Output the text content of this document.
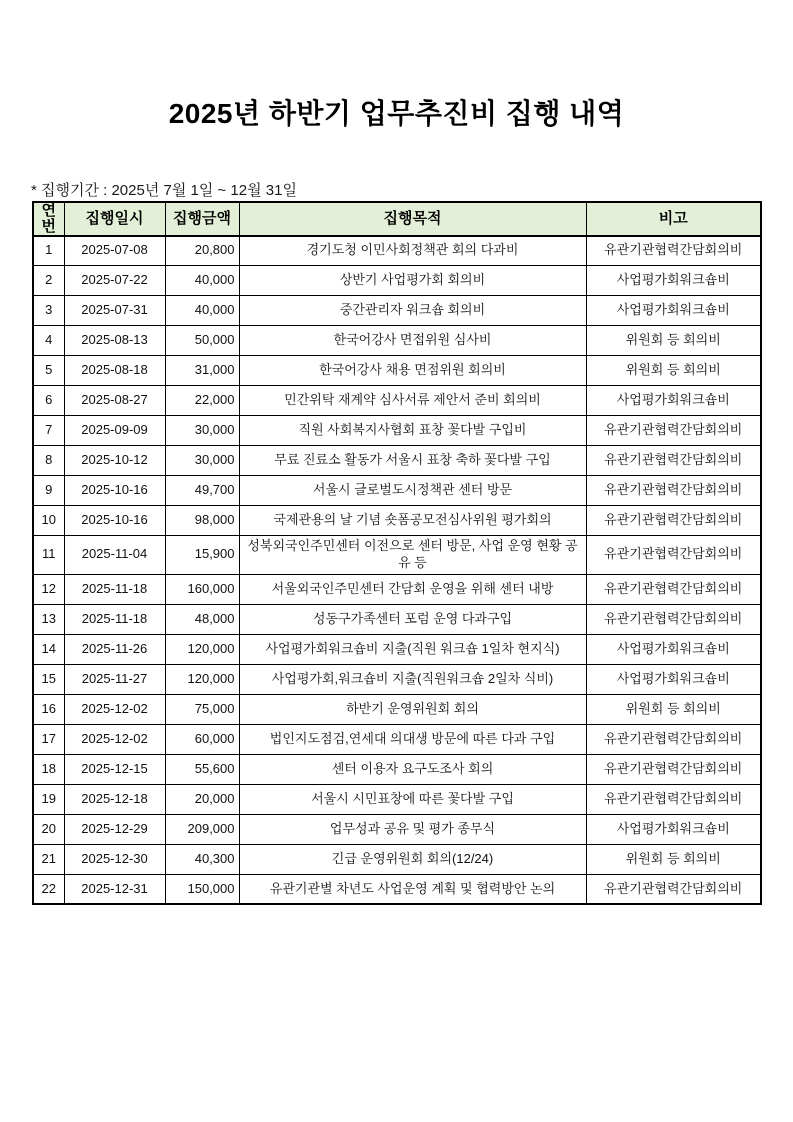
2025년 하반기 업무추진비 집행 내역
* 집행기간 : 2025년 7월 1일 ~ 12월 31일
연번	집행일시	집행금액	집행목적	비고
1	2025-07-08	20,800	경기도청 이민사회정책관 회의 다과비	유관기관협력간담회의비
2	2025-07-22	40,000	상반기 사업평가회 회의비	사업평가회워크숍비
3	2025-07-31	40,000	중간관리자 워크숍 회의비	사업평가회워크숍비
4	2025-08-13	50,000	한국어강사 면접위원 심사비	위원회 등 회의비
5	2025-08-18	31,000	한국어강사 채용 면점위원 회의비	위원회 등 회의비
6	2025-08-27	22,000	민간위탁 재계약 심사서류 제안서 준비 회의비	사업평가회워크숍비
7	2025-09-09	30,000	직원 사회복지사협회 표창 꽃다발 구입비	유관기관협력간담회의비
8	2025-10-12	30,000	무료 진료소 활동가 서울시 표창 축하 꽃다발 구입	유관기관협력간담회의비
9	2025-10-16	49,700	서울시 글로벌도시정책관 센터 방문	유관기관협력간담회의비
10	2025-10-16	98,000	국제관용의 날 기념 숏폼공모전심사위원 평가회의	유관기관협력간담회의비
11	2025-11-04	15,900	성북외국인주민센터 이전으로 센터 방문, 사업 운영 현황 공유 등	유관기관협력간담회의비
12	2025-11-18	160,000	서울외국인주민센터 간담회 운영을 위해 센터 내방	유관기관협력간담회의비
13	2025-11-18	48,000	성동구가족센터 포럼 운영 다과구입	유관기관협력간담회의비
14	2025-11-26	120,000	사업평가회워크숍비 지출(직원 워크숍 1일차 현지식)	사업평가회워크숍비
15	2025-11-27	120,000	사업평가회,워크숍비 지출(직원워크숍 2일차 식비)	사업평가회워크숍비
16	2025-12-02	75,000	하반기 운영위원회 회의	위원회 등 회의비
17	2025-12-02	60,000	법인지도점검,연세대 의대생 방문에 따른 다과 구입	유관기관협력간담회의비
18	2025-12-15	55,600	센터 이용자 요구도조사 회의	유관기관협력간담회의비
19	2025-12-18	20,000	서울시 시민표창에 따른 꽃다발 구입	유관기관협력간담회의비
20	2025-12-29	209,000	업무성과 공유 및 평가 종무식	사업평가회워크숍비
21	2025-12-30	40,300	긴급 운영위원회 회의(12/24)	위원회 등 회의비
22	2025-12-31	150,000	유관기관별 차년도 사업운영 계획 및 협력방안 논의	유관기관협력간담회의비
